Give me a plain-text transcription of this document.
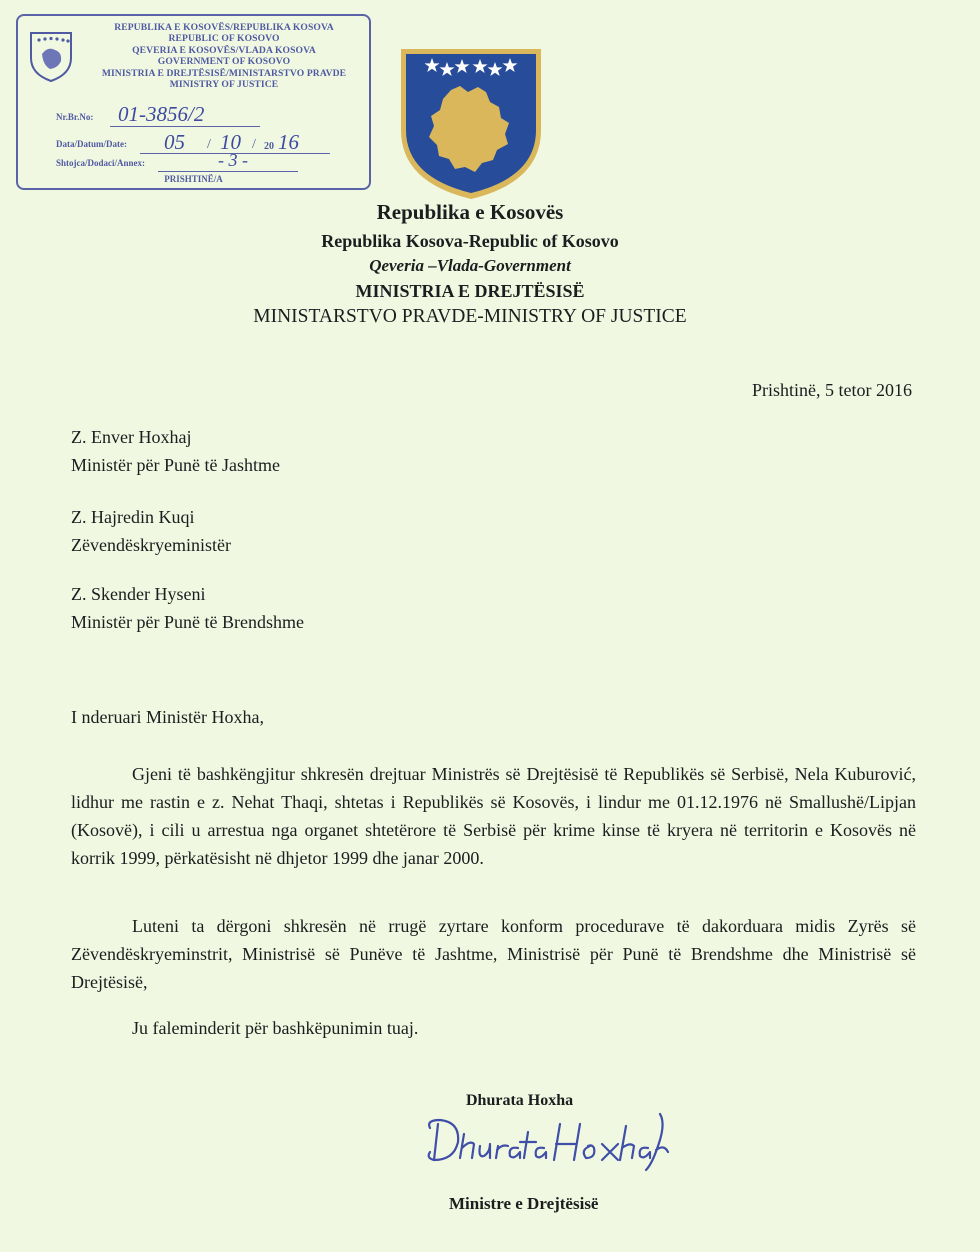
REPUBLIKA E KOSOVËS/REPUBLIKA KOSOVA
REPUBLIC OF KOSOVO
QEVERIA E KOSOVËS/VLADA KOSOVA
GOVERNMENT OF KOSOVO
MINISTRIA E DREJTËSISË/MINISTARSTVO PRAVDE
MINISTRY OF JUSTICE
Nr.Br.No: 01-3856/2
Data/Datum/Date: 05 / 10 / 20 16
Shtojca/Dodaci/Annex:	- 3 -
PRISHTINË/A
Republika e Kosovës
Republika Kosova-Republic of Kosovo
Qeveria –Vlada-Government
MINISTRIA E DREJTËSISË
MINISTARSTVO PRAVDE-MINISTRY OF JUSTICE
Prishtinë, 5 tetor 2016
Z. Enver Hoxhaj
Ministër për Punë të Jashtme
Z. Hajredin Kuqi
Zëvendëskryeministër
Z. Skender Hyseni
Ministër për Punë të Brendshme
I nderuari Ministër Hoxha,

Gjeni të bashkëngjitur shkresën drejtuar Ministrës së Drejtësisë të Republikës së Serbisë, Nela Kuburović, lidhur me rastin e z. Nehat Thaqi, shtetas i Republikës së Kosovës, i lindur me 01.12.1976 në Smallushë/Lipjan (Kosovë), i cili u arrestua nga organet shtetërore të Serbisë për krime kinse të kryera në territorin e Kosovës në korrik 1999, përkatësisht në dhjetor 1999 dhe janar 2000.

Luteni ta dërgoni shkresën në rrugë zyrtare konform procedurave të dakorduara midis Zyrës së Zëvendëskryeminstrit, Ministrisë së Punëve të Jashtme, Ministrisë për Punë të Brendshme dhe Ministrisë së Drejtësisë,

Ju faleminderit për bashkëpunimin tuaj.

Dhurata Hoxha
Ministre e Drejtësisë
